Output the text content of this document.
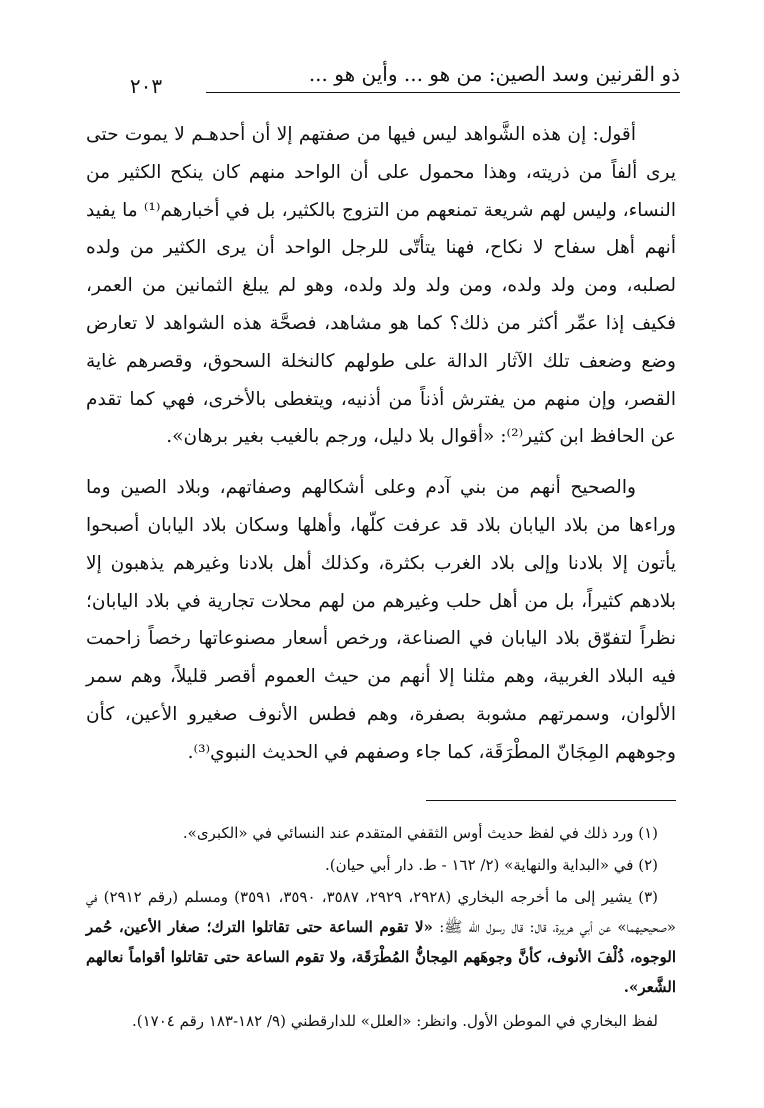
ذو القرنين وسد الصين: من هو ... وأين هو ...
٢٠٣

أقول: إن هذه الشَّواهد ليس فيها من صفتهم إلا أن أحدهـم لا يموت حتى يرى ألفاً من ذريته، وهذا محمول على أن الواحد منهم كان ينكح الكثير من النساء، وليس لهم شريعة تمنعهم من التزوج بالكثير، بل في أخبارهم⁽¹⁾ ما يفيد أنهم أهل سفاح لا نكاح، فهنا يتأتّى للرجل الواحد أن يرى الكثير من ولده لصلبه، ومن ولد ولده، ومن ولد ولد ولده، وهو لم يبلغ الثمانين من العمر، فكيف إذا عمِّر أكثر من ذلك؟ كما هو مشاهد، فصحَّة هذه الشواهد لا تعارض وضع وضعف تلك الآثار الدالة على طولهم كالنخلة السحوق، وقصرهم غاية القصر، وإن منهم من يفترش أذناً من أذنيه، ويتغطى بالأخرى، فهي كما تقدم عن الحافظ ابن كثير⁽²⁾: «أقوال بلا دليل، ورجم بالغيب بغير برهان».

والصحيح أنهم من بني آدم وعلى أشكالهم وصفاتهم، وبلاد الصين وما وراءها من بلاد اليابان بلاد قد عرفت كلّها، وأهلها وسكان بلاد اليابان أصبحوا يأتون إلا بلادنا وإلى بلاد الغرب بكثرة، وكذلك أهل بلادنا وغيرهم يذهبون إلا بلادهم كثيراً، بل من أهل حلب وغيرهم من لهم محلات تجارية في بلاد اليابان؛ نظراً لتفوّق بلاد اليابان في الصناعة، ورخص أسعار مصنوعاتها رخصاً زاحمت فيه البلاد الغربية، وهم مثلنا إلا أنهم من حيث العموم أقصر قليلاً، وهم سمر الألوان، وسمرتهم مشوبة بصفرة، وهم فطس الأنوف صغيرو الأعين، كأن وجوههم المِجَانّ المطْرَقَة، كما جاء وصفهم في الحديث النبوي⁽³⁾.

(١) ورد ذلك في لفظ حديث أوس الثقفي المتقدم عند النسائي في «الكبرى».

(٢) في «البداية والنهاية» (٢/ ١٦٢ - ط. دار أبي حيان).

(٣) يشير إلى ما أخرجه البخاري (٢٩٢٨، ٢٩٢٩، ٣٥٨٧، ٣٥٩٠، ٣٥٩١) ومسلم (رقم ٢٩١٢) في «صحيحيهما» عن أبي هريرة، قال: قال رسول الله ﷺ: «لا تقوم الساعة حتى تقاتلوا الترك؛ صغار الأعين، حُمر الوجوه، ذُلْفَ الأنوف، كأنَّ وجوهَهم المِجانُّ المُطْرَقَة، ولا تقوم الساعة حتى تقاتلوا أقواماً نعالهم الشَّعر».

لفظ البخاري في الموطن الأول. وانظر: «العلل» للدارقطني (٩/ ١٨٢-١٨٣ رقم ١٧٠٤).
